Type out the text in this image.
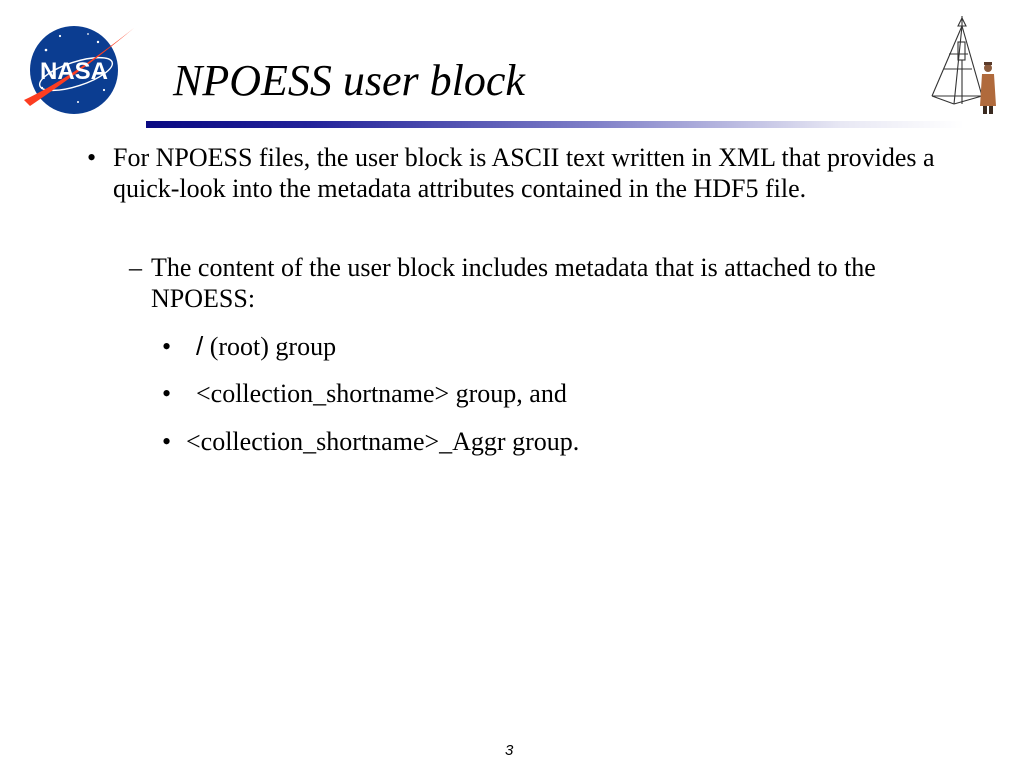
NASA NPOESS user block
• For NPOESS files, the user block is ASCII text written in XML that provides a quick-look into the metadata attributes contained in the HDF5 file.
– The content of the user block includes metadata that is attached to the NPOESS:
• / (root) group
• <collection_shortname> group, and
• <collection_shortname>_Aggr group.
3
